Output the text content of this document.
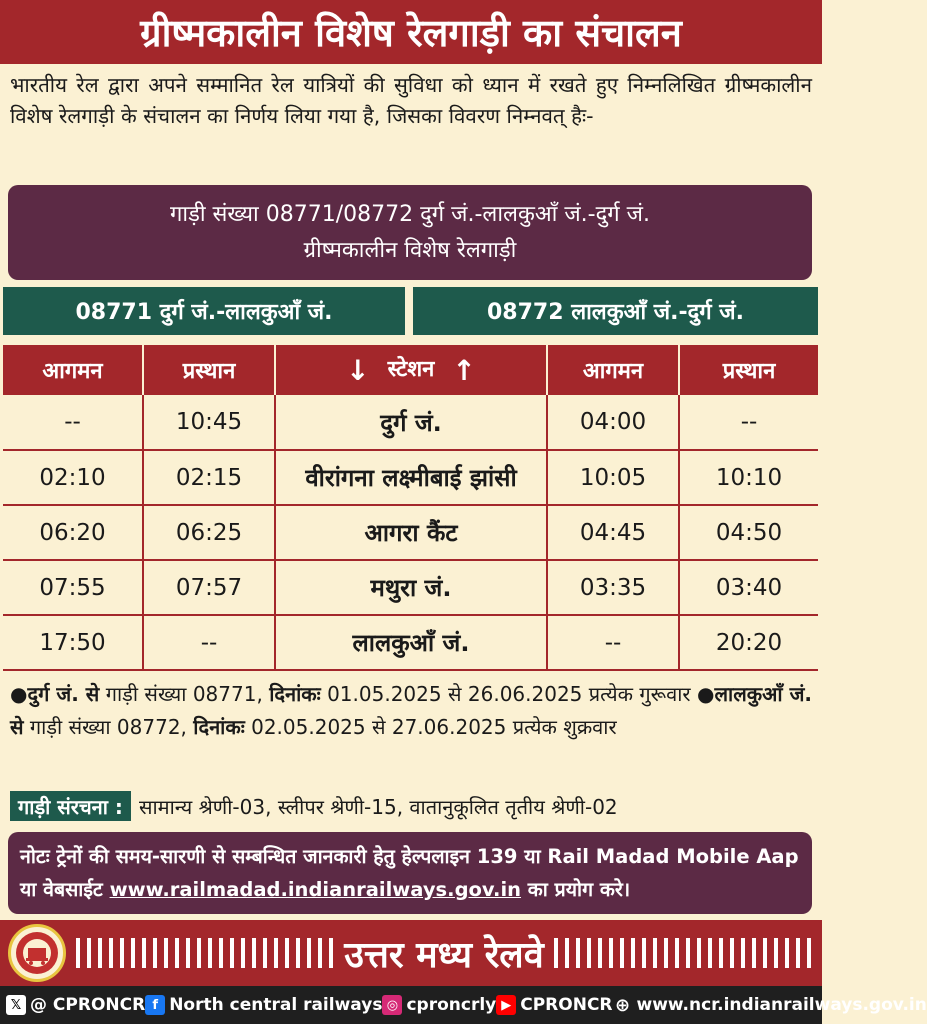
ग्रीष्मकालीन विशेष रेलगाड़ी का संचालन
भारतीय रेल द्वारा अपने सम्मानित रेल यात्रियों की सुविधा को ध्यान में रखते हुए निम्नलिखित ग्रीष्मकालीन विशेष रेलगाड़ी के संचालन का निर्णय लिया गया है, जिसका विवरण निम्नवत् हैः-
गाड़ी संख्या 08771/08772 दुर्ग जं.-लालकुआँ जं.-दुर्ग जं.
ग्रीष्मकालीन विशेष रेलगाड़ी
08771 दुर्ग जं.-लालकुआँ जं.	08772 लालकुआँ जं.-दुर्ग जं.
आगमन	प्रस्थान	↓ स्टेशन ↑	आगमन	प्रस्थान
--	10:45	दुर्ग जं.	04:00	--
02:10	02:15	वीरांगना लक्ष्मीबाई झांसी	10:05	10:10
06:20	06:25	आगरा कैंट	04:45	04:50
07:55	07:57	मथुरा जं.	03:35	03:40
17:50	--	लालकुआँ जं.	--	20:20
●दुर्ग जं. से गाड़ी संख्या 08771, दिनांकः 01.05.2025 से 26.06.2025 प्रत्येक गुरूवार ●लालकुआँ जं. से गाड़ी संख्या 08772, दिनांकः 02.05.2025 से 27.06.2025 प्रत्येक शुक्रवार
गाड़ी संरचना : सामान्य श्रेणी-03, स्लीपर श्रेणी-15, वातानुकूलित तृतीय श्रेणी-02
नोटः ट्रेनों की समय-सारणी से सम्बन्धित जानकारी हेतु हेल्पलाइन 139 या Rail Madad Mobile Aap या वेबसाईट www.railmadad.indianrailways.gov.in का प्रयोग करे।
उत्तर मध्य रेलवे
𝕏 @ CPRONCR f North central railways ◎ cproncrly ▶ CPRONCR ⊕ www.ncr.indianrailways.gov.in
